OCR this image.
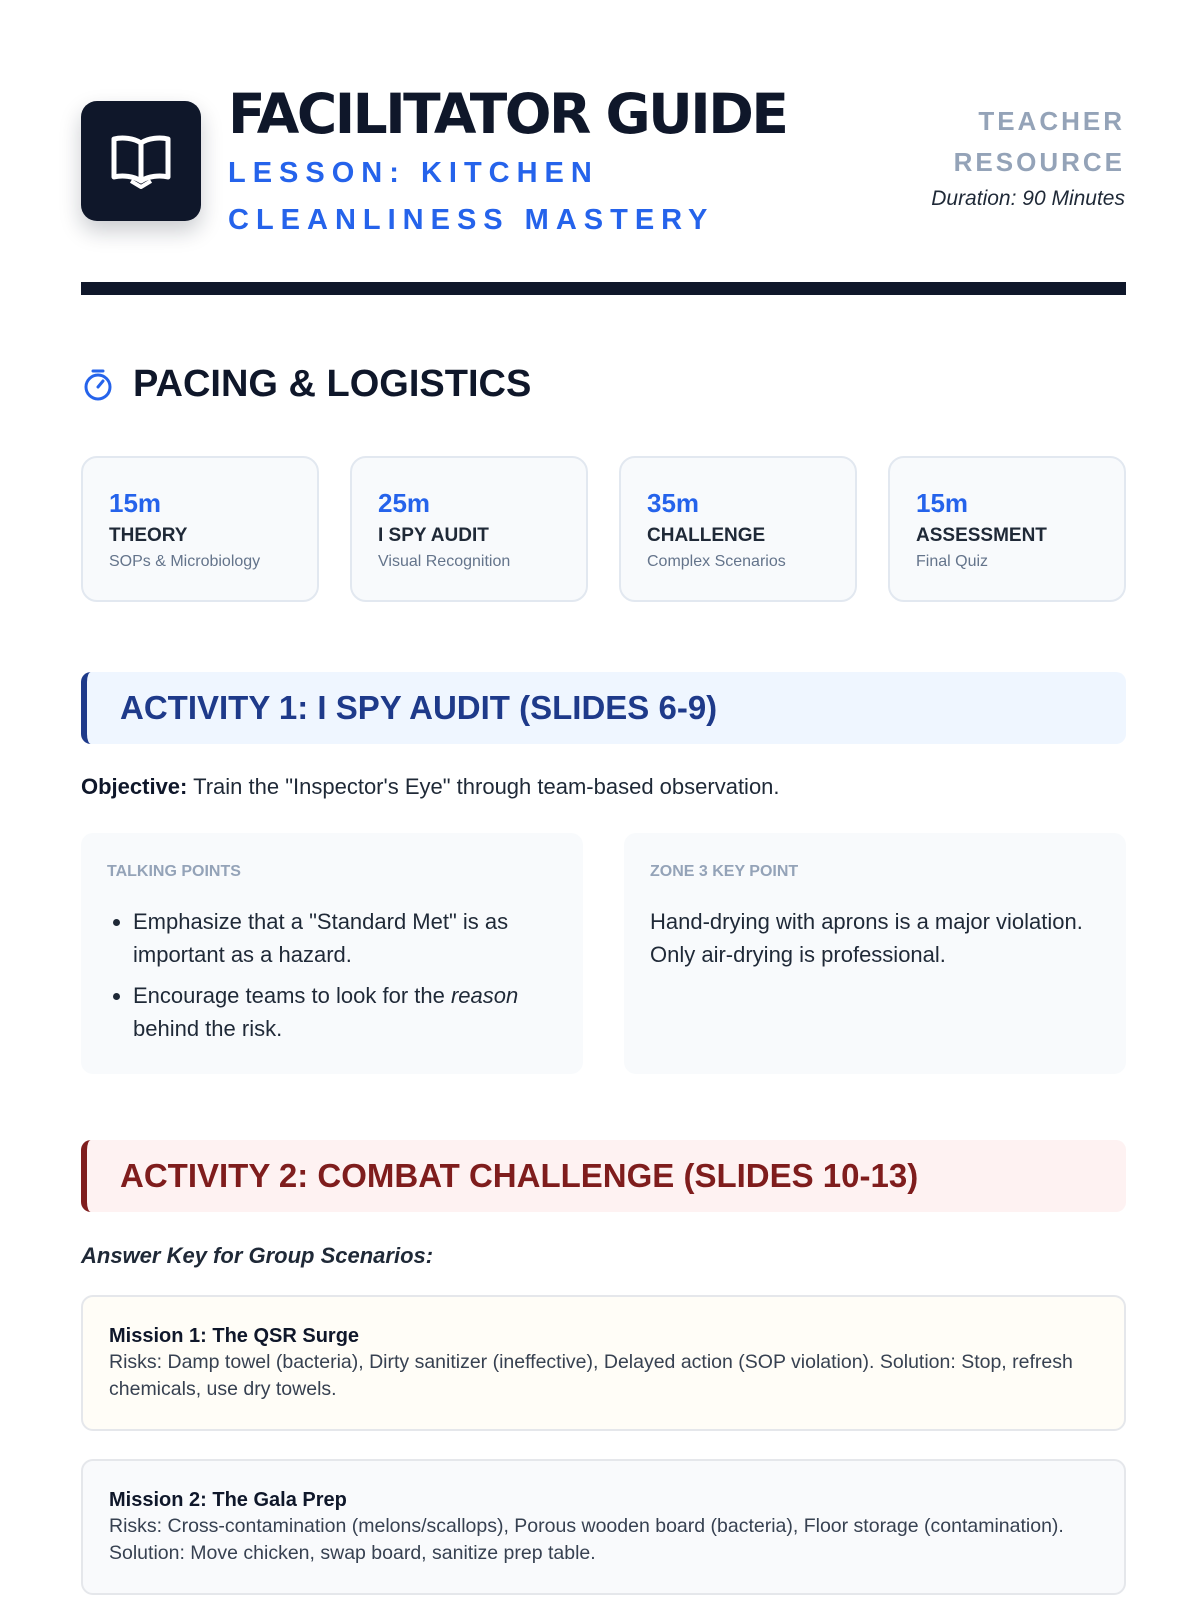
FACILITATOR GUIDE
LESSON: KITCHEN CLEANLINESS MASTERY
TEACHER RESOURCE
Duration: 90 Minutes
PACING & LOGISTICS
15m
THEORY
SOPs & Microbiology
25m
I SPY AUDIT
Visual Recognition
35m
CHALLENGE
Complex Scenarios
15m
ASSESSMENT
Final Quiz
ACTIVITY 1: I SPY AUDIT (SLIDES 6-9)
Objective: Train the "Inspector's Eye" through team-based observation.
TALKING POINTS
• Emphasize that a "Standard Met" is as important as a hazard.
• Encourage teams to look for the reason behind the risk.
ZONE 3 KEY POINT

Hand-drying with aprons is a major violation. Only air-drying is professional.

ACTIVITY 2: COMBAT CHALLENGE (SLIDES 10-13)
Answer Key for Group Scenarios:
Mission 1: The QSR Surge
Risks: Damp towel (bacteria), Dirty sanitizer (ineffective), Delayed action (SOP violation). Solution: Stop, refresh chemicals, use dry towels.
Mission 2: The Gala Prep
Risks: Cross-contamination (melons/scallops), Porous wooden board (bacteria), Floor storage (contamination). Solution: Move chicken, swap board, sanitize prep table.
